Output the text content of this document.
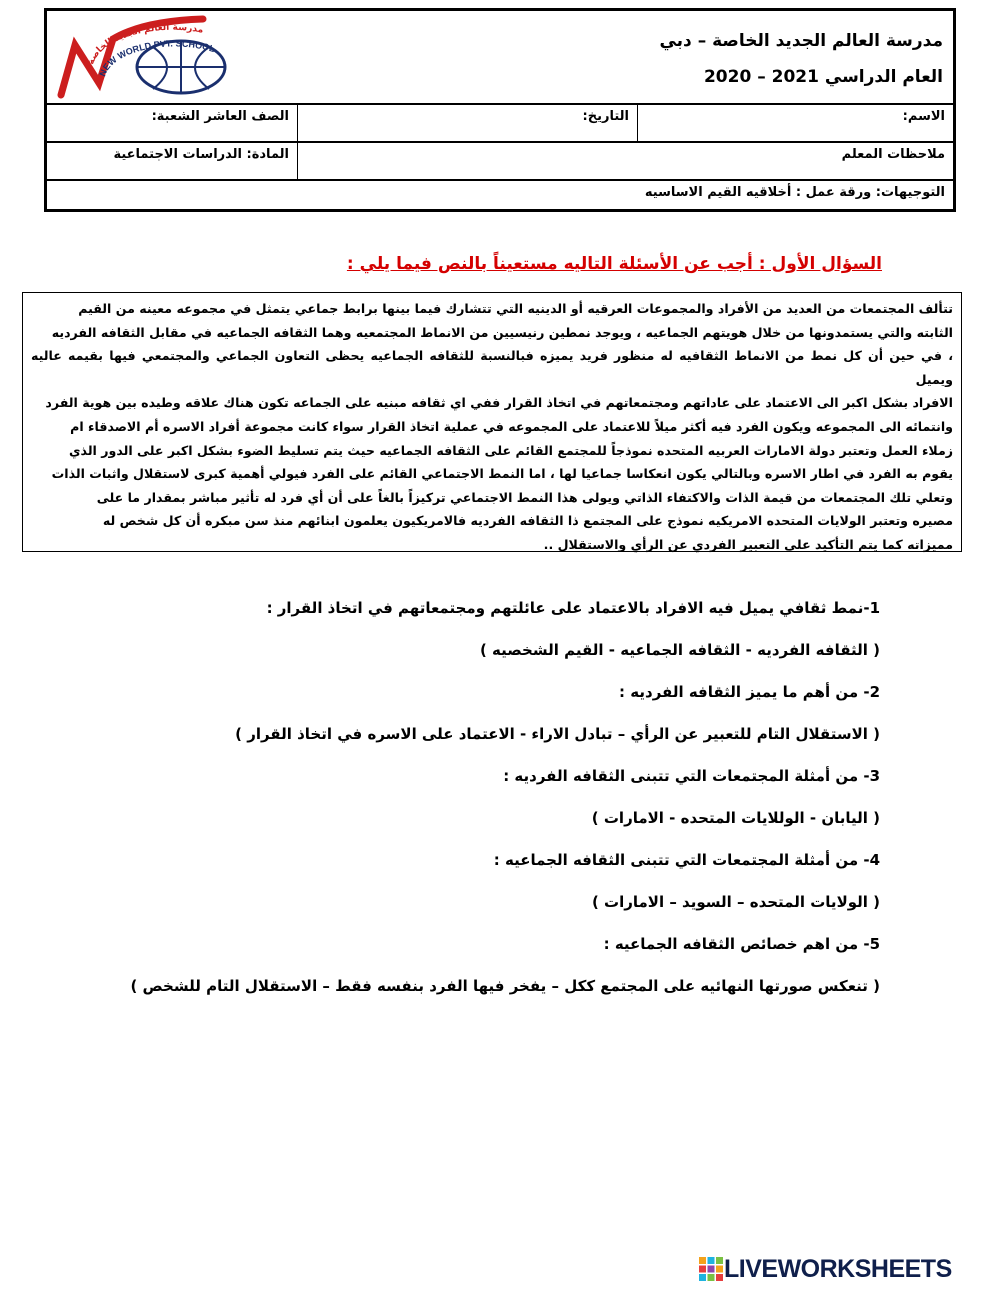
مدرسة العالم الجديد الخاصة
NEW WORLD PVT. SCHOOL	مدرسة العالم الجديد الخاصة – دبي
العام الدراسي 2021 – 2020
الاسم:
التاريخ:
الصف العاشر الشعبة:
ملاحظات المعلم
المادة: الدراسات الاجتماعية
التوجيهات: ورقة عمل : أخلاقيه القيم الاساسيه
السؤال الأول : أجب عن الأسئلة التاليه مستعيناً بالنص فيما يلي :
تتألف المجتمعات من العديد من الأفراد والمجموعات العرقيه أو الدينيه التي تتشارك فيما بينها برابط جماعي يتمثل في مجموعه معينه من القيم
الثابته والتي يستمدونها من خلال هويتهم الجماعيه ، ويوجد نمطين رنيسيين من الانماط المجتمعيه وهما الثقافه الجماعيه في مقابل الثقافه الفرديه
، في حين أن كل نمط من الانماط الثقافيه له منظور فريد يميزه فبالنسبة للثقافه الجماعيه يحظى التعاون الجماعي والمجتمعي فيها بقيمه عاليه ويميل
الافراد بشكل اكبر الى الاعتماد على عاداتهم ومجتمعاتهم في اتخاذ القرار ففي اي ثقافه مبنيه على الجماعه تكون هناك علاقه وطيده بين هوية الفرد
وانتمائه الى المجموعه ويكون الفرد فيه أكثر ميلاً للاعتماد على المجموعه في عملية اتخاذ القرار سواء كانت مجموعة أفراد الاسره أم الاصدقاء ام
زملاء العمل وتعتبر دولة الامارات العربيه المتحده نموذجاً للمجتمع القائم على الثقافه الجماعيه حيث يتم تسليط الضوء بشكل اكبر على الدور الذي
يقوم به الفرد في اطار الاسره وبالتالي يكون انعكاسا جماعيا لها ، اما النمط الاجتماعي القائم على الفرد فيولي أهمية كبرى لاستقلال واثبات الذات
وتعلي تلك المجتمعات من قيمة الذات والاكتفاء الذاتي ويولى هذا النمط الاجتماعي تركيزاً بالغاً على أن أي فرد له تأثير مباشر بمقدار ما على
مصيره وتعتبر الولايات المتحده الامريكيه نموذج على المجتمع ذا الثقافه الفرديه فالامريكيون يعلمون ابنائهم منذ سن مبكره أن كل شخص له
مميزاته كما يتم التأكيد على التعبير الفردي عن الرأي والاستقلال ..
1-نمط ثقافي يميل فيه الافراد بالاعتماد على عائلتهم ومجتمعاتهم في اتخاذ القرار :
( الثقافه الفرديه - الثقافه الجماعيه - القيم الشخصيه )
2- من أهم ما يميز الثقافه الفرديه :
( الاستقلال التام للتعبير عن الرأي – تبادل الاراء - الاعتماد على الاسره في اتخاذ القرار )
3- من أمثلة المجتمعات التي تتبنى الثقافه الفرديه :
( اليابان - الوللايات المتحده - الامارات )
4- من أمثلة المجتمعات التي تتبنى الثقافه الجماعيه :
( الولايات المتحده – السويد – الامارات )
5- من اهم خصائص الثقافه الجماعيه :
( تنعكس صورتها النهائيه على المجتمع ككل – يفخر فيها الفرد بنفسه فقط – الاستقلال التام للشخص )
LIVEWORKSHEETS
